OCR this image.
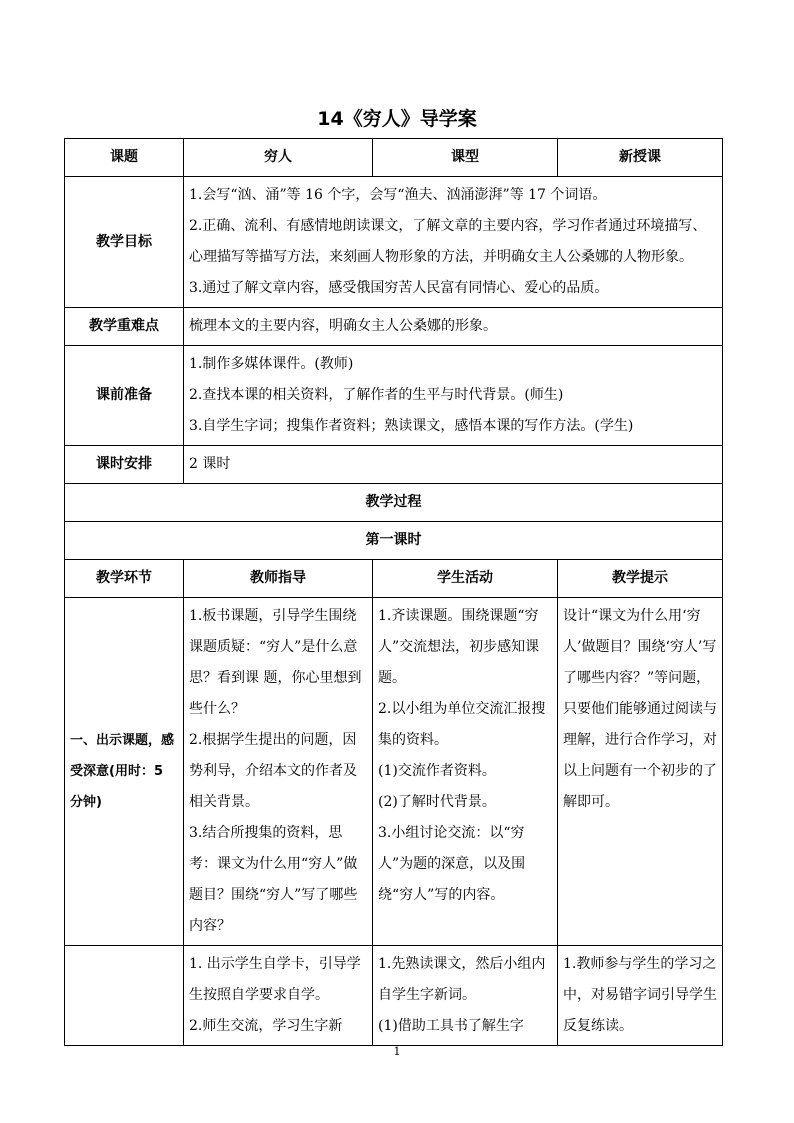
14《穷人》导学案
课题	穷人	课型	新授课
教学目标	1.会写“汹、涌”等 16 个字，会写“渔夫、汹涌澎湃”等 17 个词语。
2.正确、流利、有感情地朗读课文，了解文章的主要内容，学习作者通过环境描写、心理描写等描写方法，来刻画人物形象的方法，并明确女主人公桑娜的人物形象。
3.通过了解文章内容，感受俄国穷苦人民富有同情心、爱心的品质。		

教学重难点	梳理本文的主要内容，明确女主人公桑娜的形象。		
课前准备	1.制作多媒体课件。(教师)
2.查找本课的相关资料，了解作者的生平与时代背景。(师生)
3.自学生字词；搜集作者资料；熟读课文，感悟本课的写作方法。(学生)		

课时安排	2 课时		
教学过程			
第一课时			
教学环节	教师指导	学生活动	教学提示
一、出示课题，感受深意(用时：5 分钟)	1.板书课题，引导学生围绕课题质疑：“穷人”是什么意思？看到课 题，你心里想到些什么？
2.根据学生提出的问题，因势利导，介绍本文的作者及相关背景。
3.结合所搜集的资料，思考：课文为什么用“穷人”做题目？围绕“穷人”写了哪些内容？	1.齐读课题。围绕课题“穷人”交流想法，初步感知课题。
2.以小组为单位交流汇报搜集的资料。
(1)交流作者资料。
(2)了解时代背景。
3.小组讨论交流：以“穷人”为题的深意，以及围绕“穷人”写的内容。	设计“课文为什么用‘穷人’做题目？围绕‘穷人’写了哪些内容？”等问题，只要他们能够通过阅读与理解，进行合作学习，对以上问题有一个初步的了解即可。
	1. 出示学生自学卡，引导学生按照自学要求自学。
2.师生交流，学习生字新	1.先熟读课文，然后小组内自学生字新词。
(1)借助工具书了解生字	1.教师参与学生的学习之中，对易错字词引导学生反复练读。
1
